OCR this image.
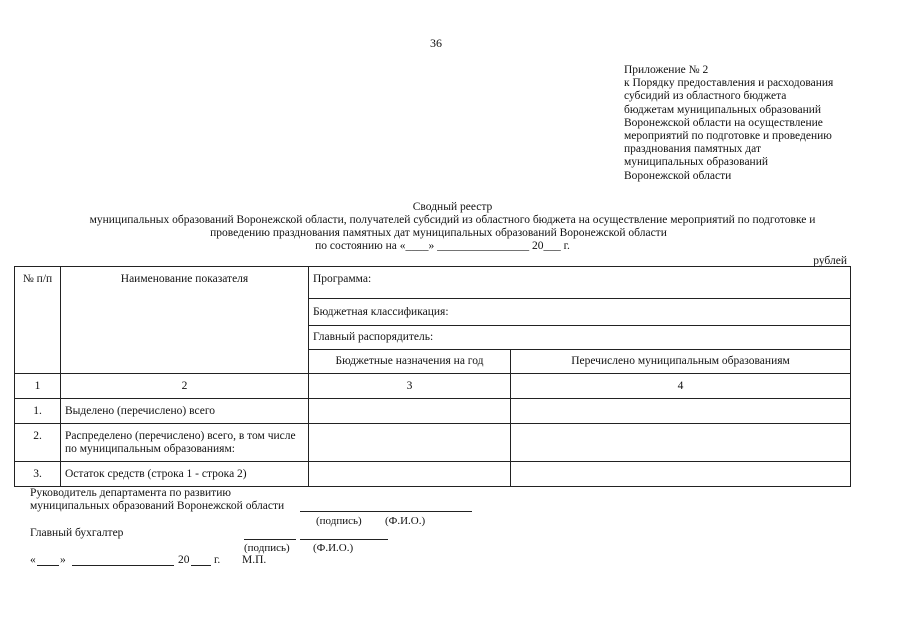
36
Приложение № 2
к Порядку предоставления и расходования
субсидий из областного бюджета
бюджетам муниципальных образований
Воронежской области на осуществление
мероприятий по подготовке и проведению
празднования памятных дат
муниципальных образований
Воронежской области
Сводный реестр
муниципальных образований Воронежской области, получателей субсидий из областного бюджета на осуществление мероприятий по подготовке и
проведению празднования памятных дат муниципальных образований Воронежской области
по состоянию на «____» ________________ 20___ г.
рублей
№ п/п	Наименование показателя	Программа:	
		Бюджетная классификация:	
		Главный распорядитель:	
		Бюджетные назначения на год	Перечислено муниципальным образованиям
1	2	3	4
1.	Выделено (перечислено) всего		
2.	Распределено (перечислено) всего, в том числе по муниципальным образованиям:		
3.	Остаток средств (строка 1 - строка 2)		
Руководитель департамента по развитию
муниципальных образований Воронежской области
(подпись) (Ф.И.О.)
Главный бухгалтер
(подпись) (Ф.И.О.)
« »	20 г. М.П.
